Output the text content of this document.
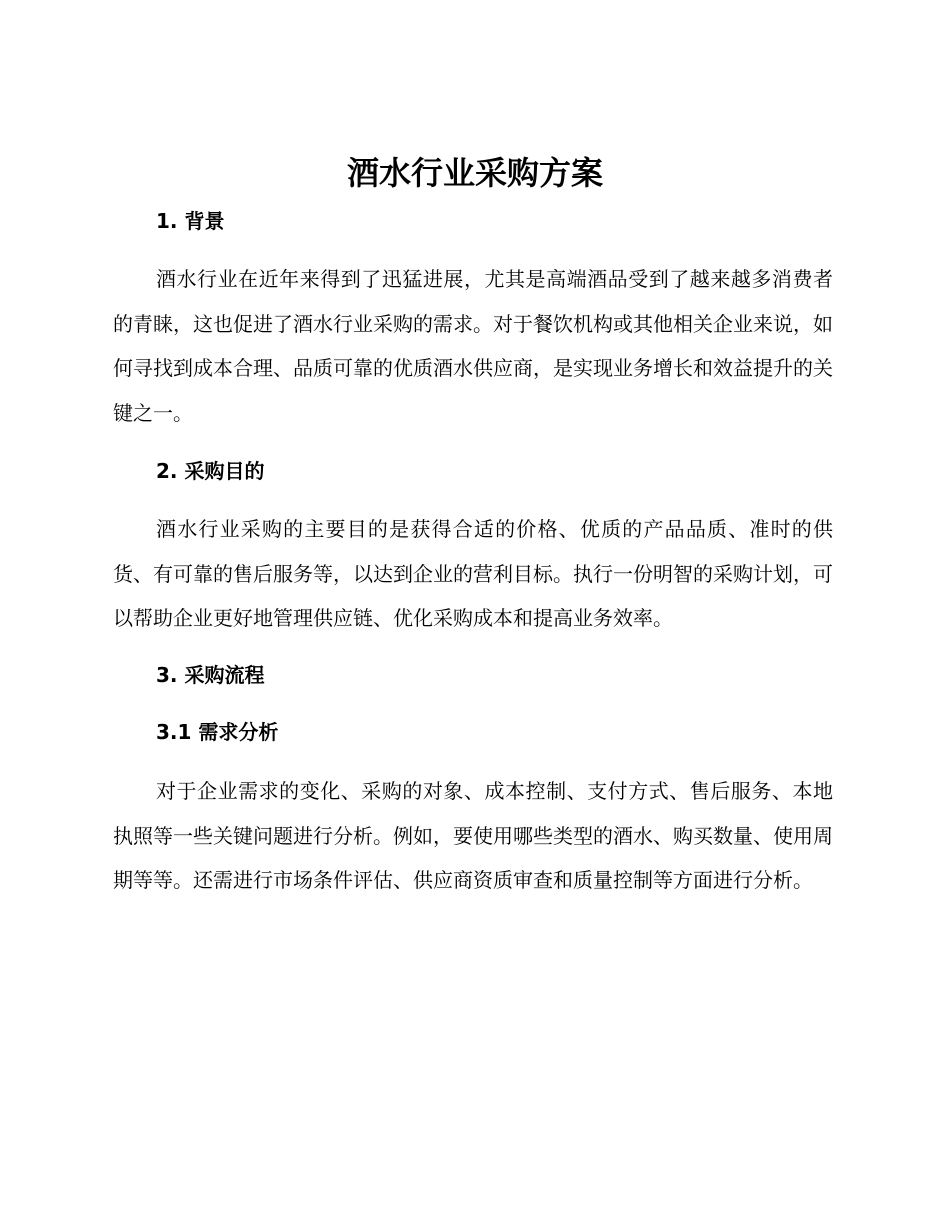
酒水行业采购方案
1. 背景

酒水行业在近年来得到了迅猛进展，尤其是高端酒品受到了越来越多消费者的青睐，这也促进了酒水行业采购的需求。对于餐饮机构或其他相关企业来说，如何寻找到成本合理、品质可靠的优质酒水供应商，是实现业务增长和效益提升的关键之一。

2. 采购目的

酒水行业采购的主要目的是获得合适的价格、优质的产品品质、准时的供货、有可靠的售后服务等，以达到企业的营利目标。执行一份明智的采购计划，可以帮助企业更好地管理供应链、优化采购成本和提高业务效率。

3. 采购流程
3.1 需求分析

对于企业需求的变化、采购的对象、成本控制、支付方式、售后服务、本地执照等一些关键问题进行分析。例如，要使用哪些类型的酒水、购买数量、使用周期等等。还需进行市场条件评估、供应商资质审查和质量控制等方面进行分析。
